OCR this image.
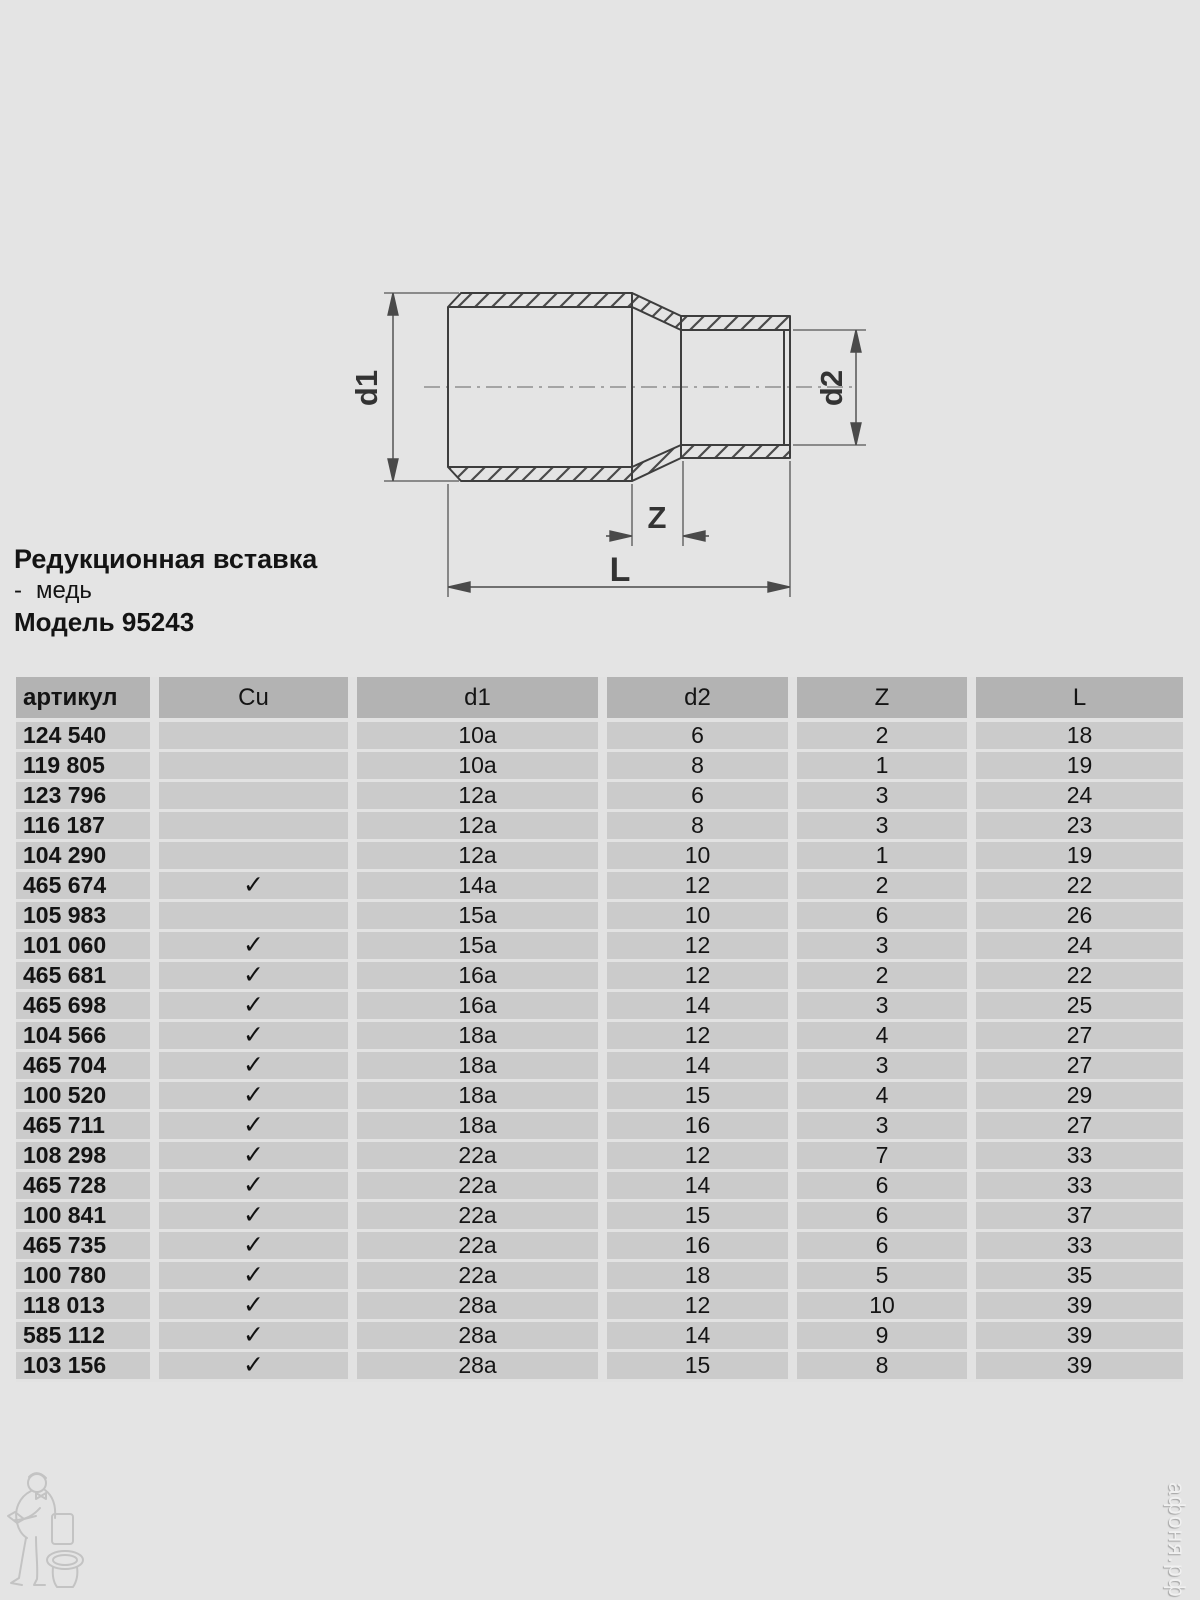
d1	d2
Z
L

Редукционная вставка

- медь

Модель 95243

артикул	Cu	d1	d2	Z	L
124 540		10a	6	2	18
119 805		10a	8	1	19
123 796		12a	6	3	24
116 187		12a	8	3	23
104 290		12a	10	1	19
465 674	✓	14a	12	2	22
105 983		15a	10	6	26
101 060	✓	15a	12	3	24
465 681	✓	16a	12	2	22
465 698	✓	16a	14	3	25
104 566	✓	18a	12	4	27
465 704	✓	18a	14	3	27
100 520	✓	18a	15	4	29
465 711	✓	18a	16	3	27
108 298	✓	22a	12	7	33
465 728	✓	22a	14	6	33
100 841	✓	22a	15	6	37
465 735	✓	22a	16	6	33
100 780	✓	22a	18	5	35
118 013	✓	28a	12	10	39
585 112	✓	28a	14	9	39
103 156	✓	28a	15	8	39
афоня.рф
